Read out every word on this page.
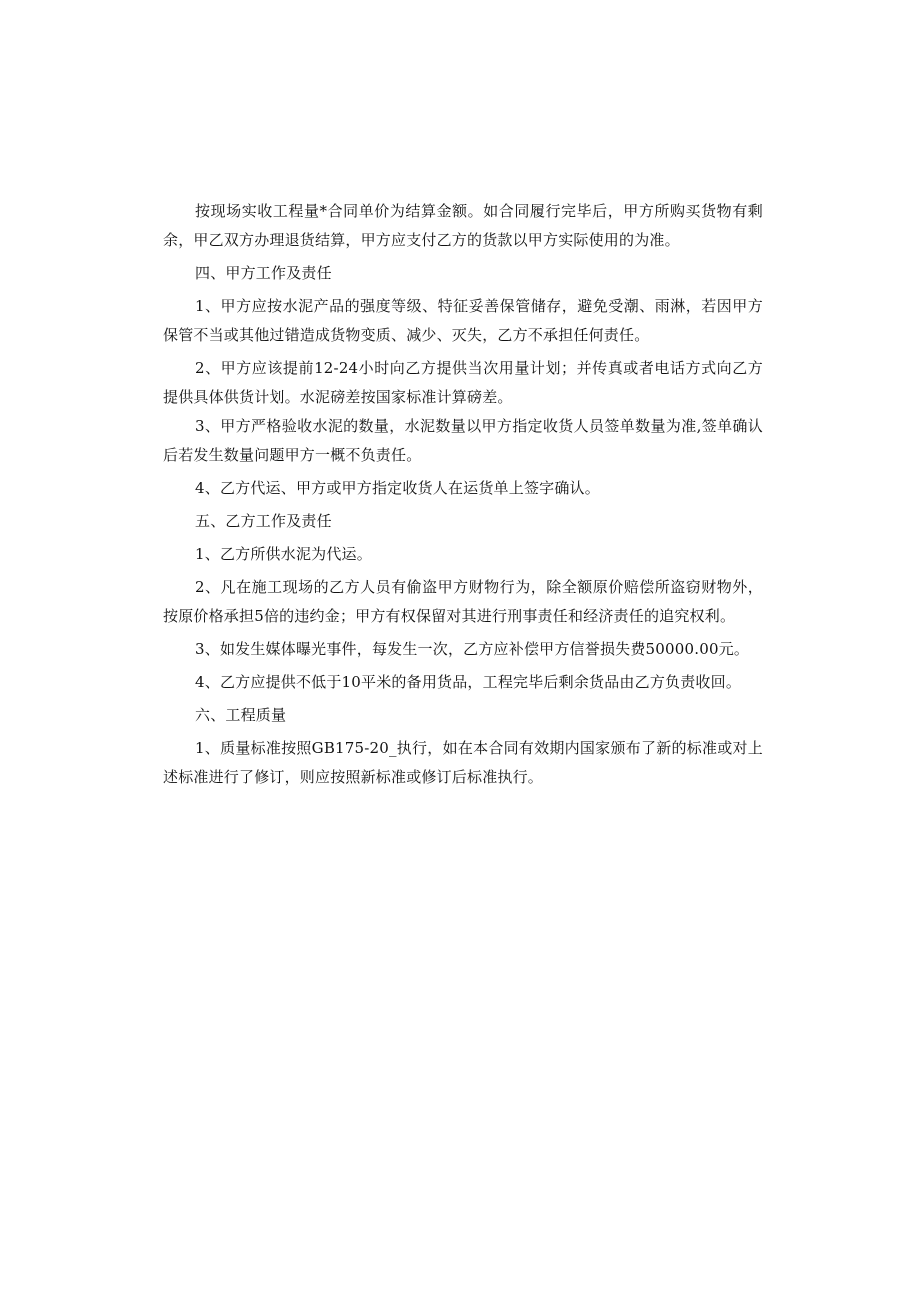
按现场实收工程量*合同单价为结算金额。如合同履行完毕后，甲方所购买货物有剩余，甲乙双方办理退货结算，甲方应支付乙方的货款以甲方实际使用的为准。

四、甲方工作及责任

1、甲方应按水泥产品的强度等级、特征妥善保管储存，避免受潮、雨淋，若因甲方保管不当或其他过错造成货物变质、减少、灭失，乙方不承担任何责任。

2、甲方应该提前12-24小时向乙方提供当次用量计划；并传真或者电话方式向乙方提供具体供货计划。水泥磅差按国家标准计算磅差。

3、甲方严格验收水泥的数量，水泥数量以甲方指定收货人员签单数量为准,签单确认后若发生数量问题甲方一概不负责任。

4、乙方代运、甲方或甲方指定收货人在运货单上签字确认。

五、乙方工作及责任

1、乙方所供水泥为代运。

2、凡在施工现场的乙方人员有偷盗甲方财物行为，除全额原价赔偿所盗窃财物外，按原价格承担5倍的违约金；甲方有权保留对其进行刑事责任和经济责任的追究权利。

3、如发生媒体曝光事件，每发生一次，乙方应补偿甲方信誉损失费50000.00元。

4、乙方应提供不低于10平米的备用货品，工程完毕后剩余货品由乙方负责收回。

六、工程质量

1、质量标准按照GB175-20_执行，如在本合同有效期内国家颁布了新的标准或对上述标准进行了修订，则应按照新标准或修订后标准执行。
